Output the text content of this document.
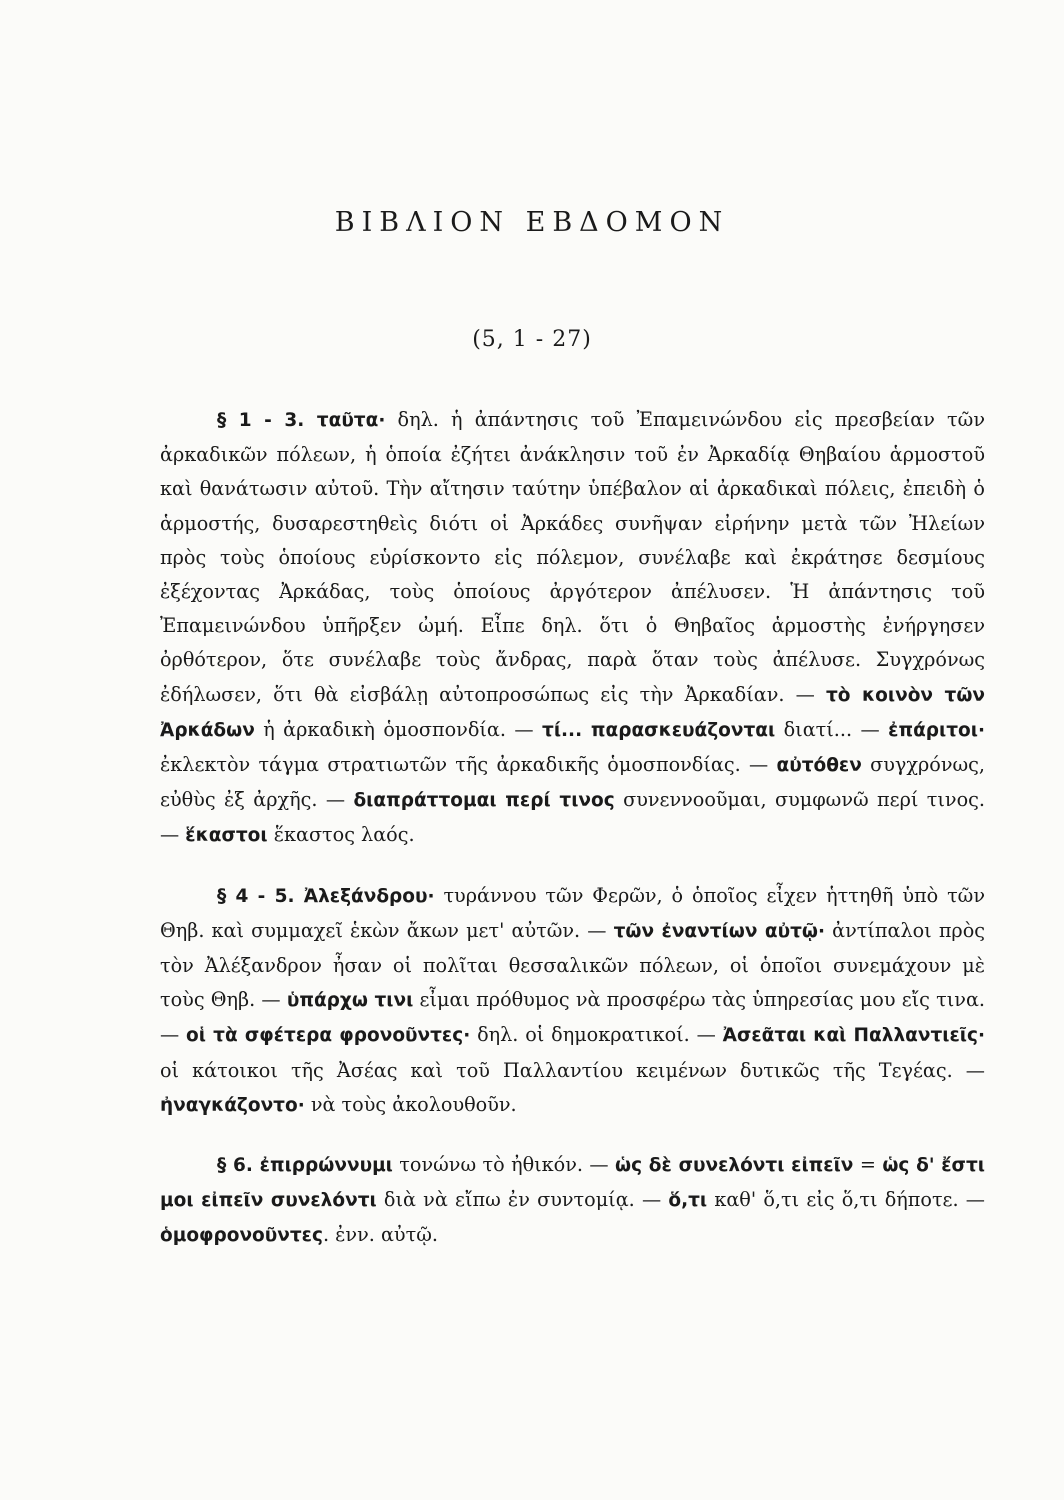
ΒΙΒΛΙΟΝ ΕΒΔΟΜΟΝ
(5, 1 - 27)

§ 1 - 3. ταῦτα· δηλ. ἡ ἀπάντησις τοῦ Ἐπαμεινώνδου εἰς πρεσβείαν τῶν ἀρκαδικῶν πόλεων, ἡ ὁποία ἐζήτει ἀνάκλησιν τοῦ ἐν Ἀρκαδίᾳ Θηβαίου ἁρμοστοῦ καὶ θανάτωσιν αὐτοῦ. Τὴν αἴτησιν ταύτην ὑπέβαλον αἱ ἀρκαδικαὶ πόλεις, ἐπειδὴ ὁ ἁρμοστής, δυσαρεστηθεὶς διότι οἱ Ἀρκάδες συνῆψαν εἰρήνην μετὰ τῶν Ἠλείων πρὸς τοὺς ὁποίους εὑρίσκοντο εἰς πόλεμον, συνέλαβε καὶ ἐκράτησε δεσμίους ἐξέχοντας Ἀρκάδας, τοὺς ὁποίους ἀργότερον ἀπέλυσεν. Ἡ ἀπάντησις τοῦ Ἐπαμεινώνδου ὑπῆρξεν ὠμή. Εἶπε δηλ. ὅτι ὁ Θηβαῖος ἁρμοστὴς ἐνήργησεν ὀρθότερον, ὅτε συνέλαβε τοὺς ἄνδρας, παρὰ ὅταν τοὺς ἀπέλυσε. Συγχρόνως ἐδήλωσεν, ὅτι θὰ εἰσβάλῃ αὐτοπροσώπως εἰς τὴν Ἀρκαδίαν. — τὸ κοινὸν τῶν Ἀρκάδων ἡ ἀρκαδικὴ ὁμοσπονδία. — τί... παρασκευάζονται διατί... — ἐπάριτοι· ἐκλεκτὸν τάγμα στρατιωτῶν τῆς ἀρκαδικῆς ὁμοσπονδίας. — αὐτόθεν συγχρόνως, εὐθὺς ἐξ ἀρχῆς. — διαπράττομαι περί τινος συνεννοοῦμαι, συμφωνῶ περί τινος. — ἕκαστοι ἕκαστος λαός.

§ 4 - 5. Ἀλεξάνδρου· τυράννου τῶν Φερῶν, ὁ ὁποῖος εἶχεν ἡττηθῆ ὑπὸ τῶν Θηβ. καὶ συμμαχεῖ ἑκὼν ἄκων μετ' αὐτῶν. — τῶν ἐναντίων αὐτῷ· ἀντίπαλοι πρὸς τὸν Ἀλέξανδρον ἦσαν οἱ πολῖται θεσσαλικῶν πόλεων, οἱ ὁποῖοι συνεμάχουν μὲ τοὺς Θηβ. — ὑπάρχω τινι εἶμαι πρόθυμος νὰ προσφέρω τὰς ὑπηρεσίας μου εἴς τινα. — οἱ τὰ σφέτερα φρονοῦντες· δηλ. οἱ δημοκρατικοί. — Ἀσεᾶται καὶ Παλλαντιεῖς· οἱ κάτοικοι τῆς Ἀσέας καὶ τοῦ Παλλαντίου κειμένων δυτικῶς τῆς Τεγέας. — ἠναγκάζοντο· νὰ τοὺς ἀκολουθοῦν.

§ 6. ἐπιρρώννυμι τονώνω τὸ ἠθικόν. — ὡς δὲ συνελόντι εἰπεῖν = ὡς δ' ἔστι μοι εἰπεῖν συνελόντι διὰ νὰ εἴπω ἐν συντομίᾳ. — ὅ,τι καθ' ὅ,τι εἰς ὅ,τι δήποτε. — ὁμοφρονοῦντες. ἐνν. αὐτῷ.
